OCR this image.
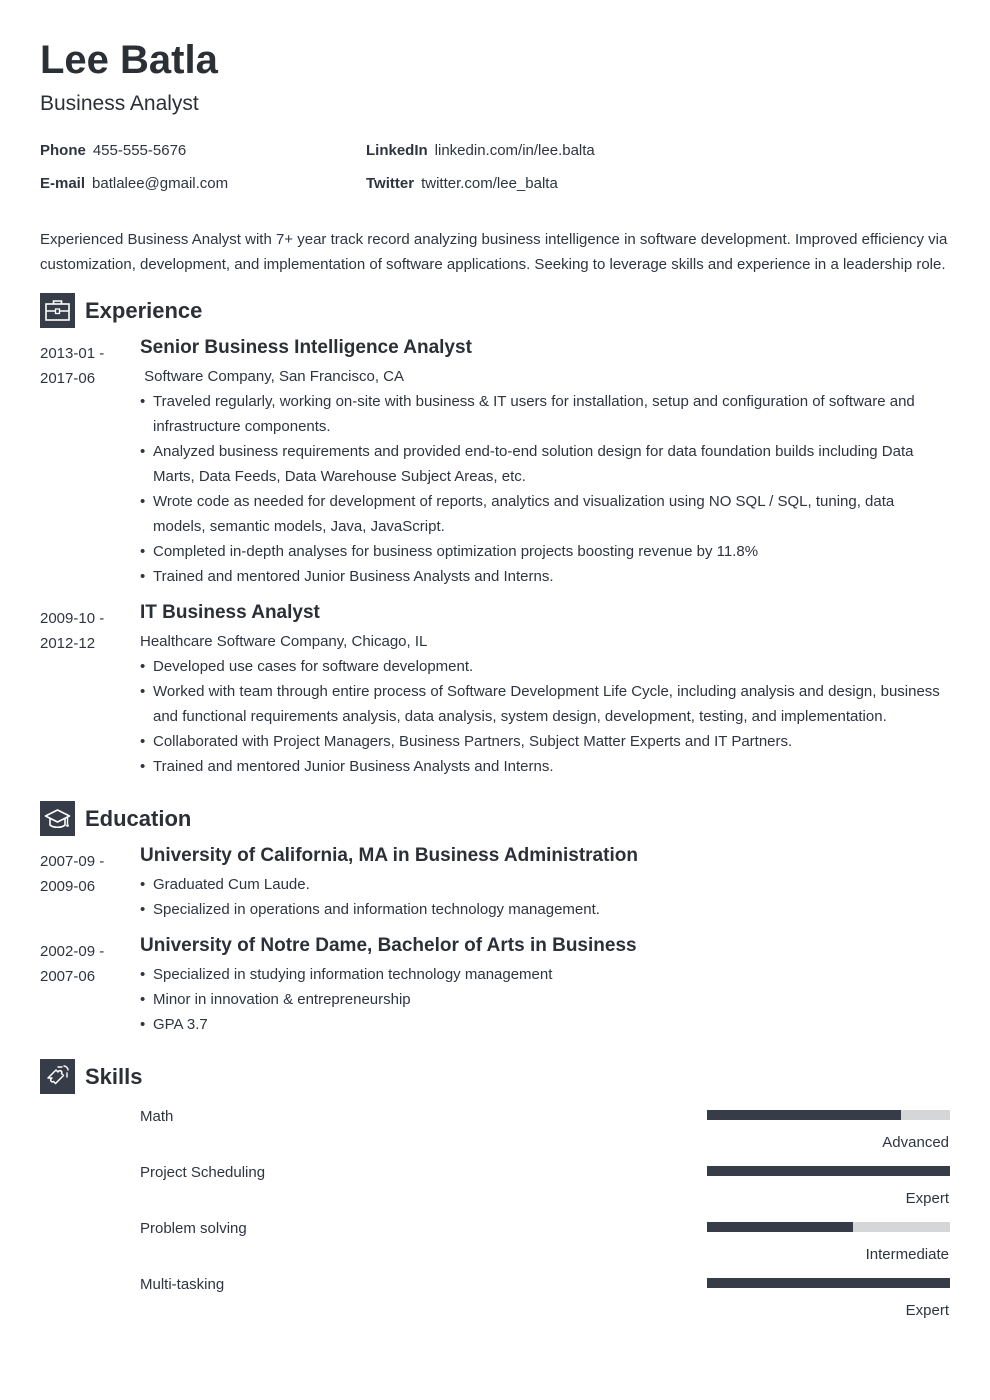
Lee Batla
Business Analyst
Phone 455-555-5676
E-mail batlalee@gmail.com
LinkedIn linkedin.com/in/lee.balta
Twitter twitter.com/lee_balta
Experienced Business Analyst with 7+ year track record analyzing business intelligence in software development. Improved efficiency via customization, development, and implementation of software applications. Seeking to leverage skills and experience in a leadership role.
Experience
2013-01 -
2017-06
Senior Business Intelligence Analyst
Software Company, San Francisco, CA
• Traveled regularly, working on-site with business & IT users for installation, setup and configuration of software and infrastructure components.
• Analyzed business requirements and provided end-to-end solution design for data foundation builds including Data Marts, Data Feeds, Data Warehouse Subject Areas, etc.
• Wrote code as needed for development of reports, analytics and visualization using NO SQL / SQL, tuning, data models, semantic models, Java, JavaScript.
• Completed in-depth analyses for business optimization projects boosting revenue by 11.8%
• Trained and mentored Junior Business Analysts and Interns.
2009-10 -
2012-12
IT Business Analyst
Healthcare Software Company, Chicago, IL
• Developed use cases for software development.
• Worked with team through entire process of Software Development Life Cycle, including analysis and design, business and functional requirements analysis, data analysis, system design, development, testing, and implementation.
• Collaborated with Project Managers, Business Partners, Subject Matter Experts and IT Partners.
• Trained and mentored Junior Business Analysts and Interns.
Education
2007-09 -
2009-06
University of California, MA in Business Administration
• Graduated Cum Laude.
• Specialized in operations and information technology management.
2002-09 -
2007-06
University of Notre Dame, Bachelor of Arts in Business
• Specialized in studying information technology management
• Minor in innovation & entrepreneurship
• GPA 3.7
Skills
Math
Advanced
Project Scheduling
Expert
Problem solving
Intermediate
Multi-tasking
Expert
